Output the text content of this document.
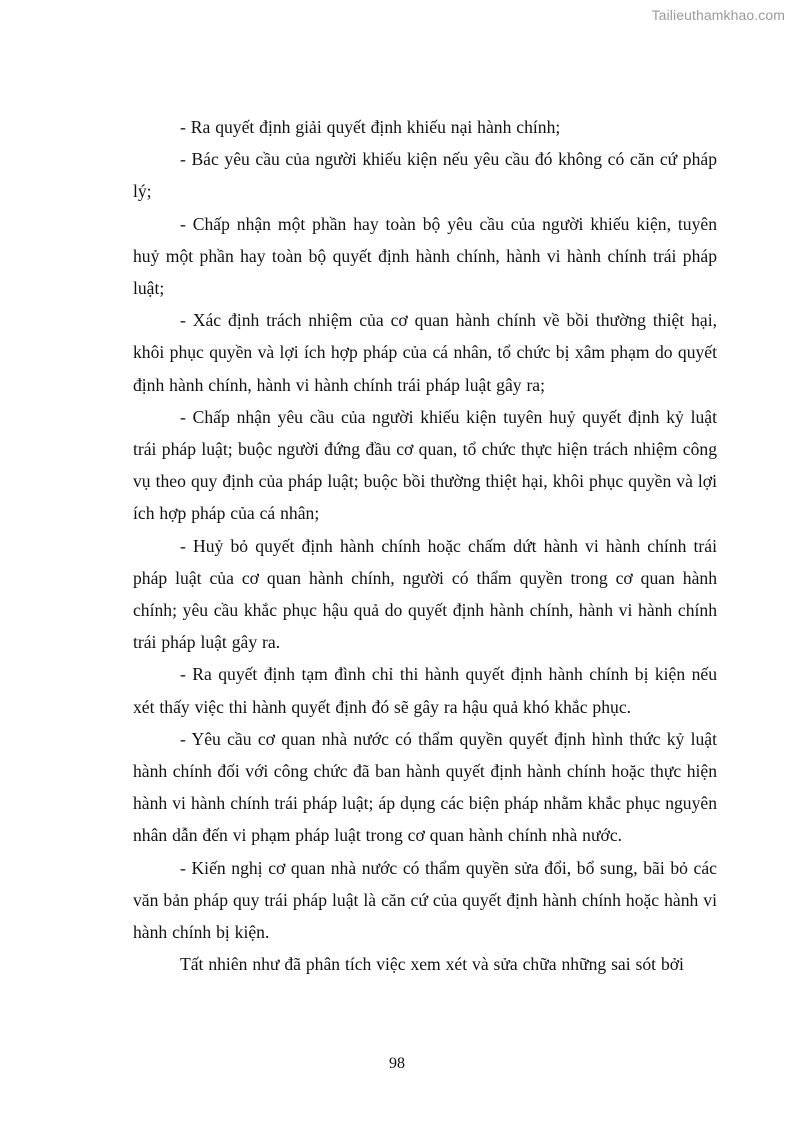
Tailieuthamkhao.com

- Ra quyết định giải quyết định khiếu nại hành chính;

- Bác yêu cầu của người khiếu kiện nếu yêu cầu đó không có căn cứ pháp lý;

- Chấp nhận một phần hay toàn bộ yêu cầu của người khiếu kiện, tuyên huỷ một phần hay toàn bộ quyết định hành chính, hành vi hành chính trái pháp luật;

- Xác định trách nhiệm của cơ quan hành chính về bồi thường thiệt hại, khôi phục quyền và lợi ích hợp pháp của cá nhân, tổ chức bị xâm phạm do quyết định hành chính, hành vi hành chính trái pháp luật gây ra;

- Chấp nhận yêu cầu của người khiếu kiện tuyên huỷ quyết định kỷ luật trái pháp luật; buộc người đứng đầu cơ quan, tổ chức thực hiện trách nhiệm công vụ theo quy định của pháp luật; buộc bồi thường thiệt hại, khôi phục quyền và lợi ích hợp pháp của cá nhân;

- Huỷ bỏ quyết định hành chính hoặc chấm dứt hành vi hành chính trái pháp luật của cơ quan hành chính, người có thẩm quyền trong cơ quan hành chính; yêu cầu khắc phục hậu quả do quyết định hành chính, hành vi hành chính trái pháp luật gây ra.

- Ra quyết định tạm đình chỉ thi hành quyết định hành chính bị kiện nếu xét thấy việc thi hành quyết định đó sẽ gây ra hậu quả khó khắc phục.

- Yêu cầu cơ quan nhà nước có thẩm quyền quyết định hình thức kỷ luật hành chính đối với công chức đã ban hành quyết định hành chính hoặc thực hiện hành vi hành chính trái pháp luật; áp dụng các biện pháp nhằm khắc phục nguyên nhân dẫn đến vi phạm pháp luật trong cơ quan hành chính nhà nước.

- Kiến nghị cơ quan nhà nước có thẩm quyền sửa đổi, bổ sung, bãi bỏ các văn bản pháp quy trái pháp luật là căn cứ của quyết định hành chính hoặc hành vi hành chính bị kiện.

Tất nhiên như đã phân tích việc xem xét và sửa chữa những sai sót bởi

98
